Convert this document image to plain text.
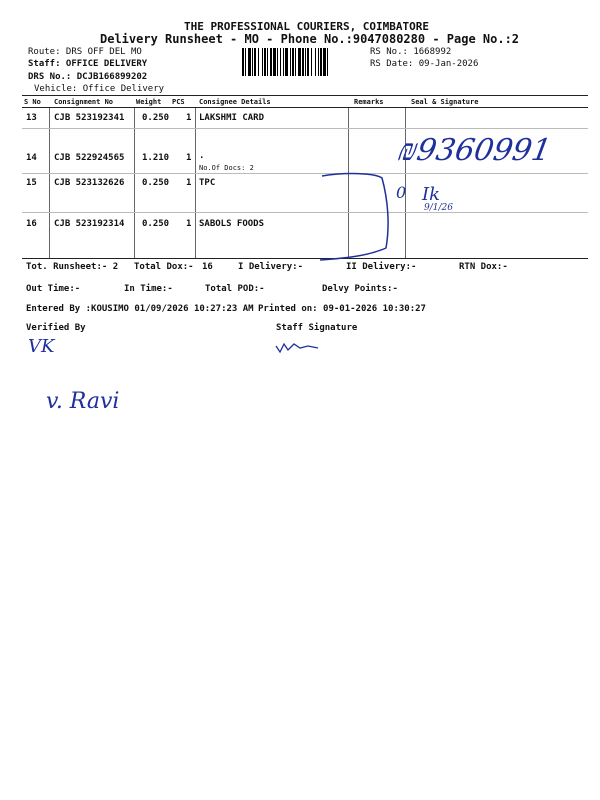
THE PROFESSIONAL COURIERS, COIMBATORE
Delivery Runsheet - MO - Phone No.:9047080280 - Page No.:2
Route: DRS OFF DEL MO
Staff: OFFICE DELIVERY
DRS No.: DCJB166899202
Vehicle: Office Delivery
RS No.: 1668992
RS Date: 09-Jan-2026
S No Consignment No	Weight PCS Consignee Details	Remarks	Seal & Signature
13 CJB 523192341 0.250 1 LAKSHMI CARD
14 CJB 522924565 1.210 1 .
No.Of Docs: 2
15 CJB 523132626 0.250 1 TPC
16 CJB 523192314 0.250 1 SABOLS FOODS
Tot. Runsheet:- 2 Total Dox:- 16	I Delivery:-	II Delivery:-	RTN Dox:-
Out Time:-	In Time:-	Total POD:-	Delvy Points:-
Entered By :KOUSIMO 01/09/2026 10:27:23 AM Printed on: 09-01-2026 10:30:27
Verified By	Staff Signature
₪9360991
0 Ik
9/1/26
VK
v. Ravi
